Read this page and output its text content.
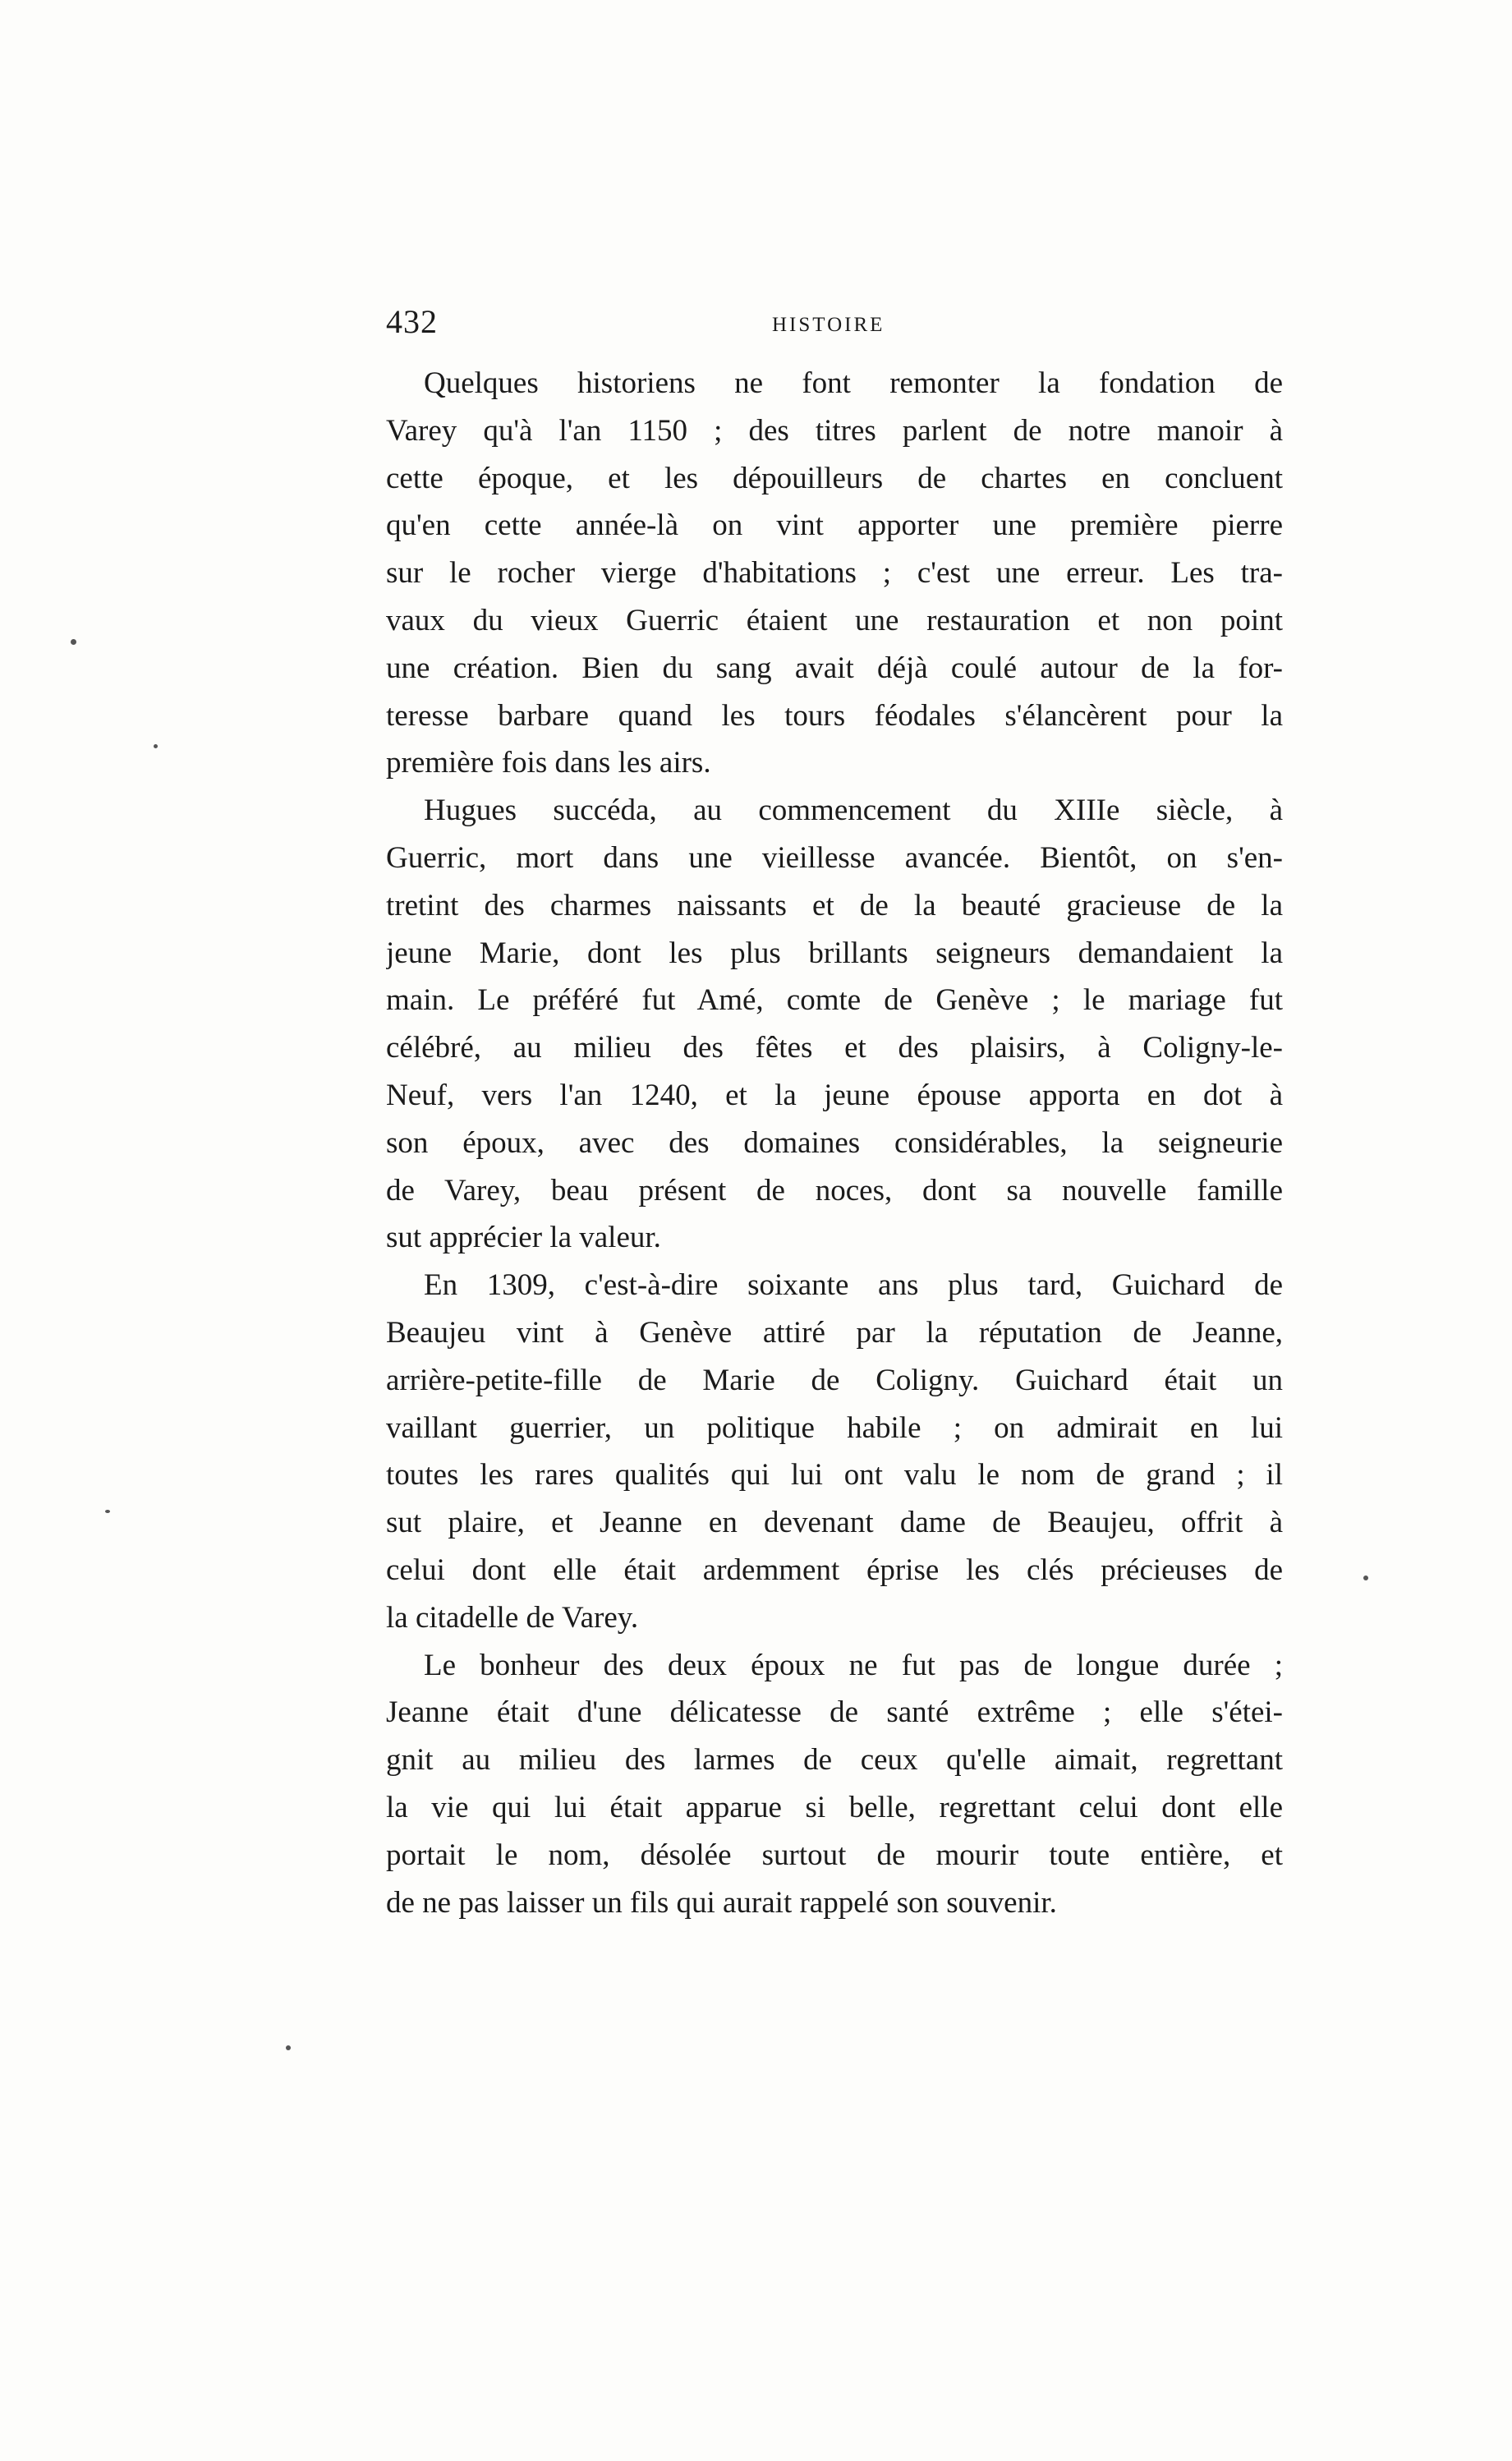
432	HISTOIRE
Quelques historiens ne font remonter la fondation de
Varey qu'à l'an 1150 ; des titres parlent de notre manoir à
cette époque, et les dépouilleurs de chartes en concluent
qu'en cette année-là on vint apporter une première pierre
sur le rocher vierge d'habitations ; c'est une erreur. Les tra-
vaux du vieux Guerric étaient une restauration et non point
une création. Bien du sang avait déjà coulé autour de la for-
teresse barbare quand les tours féodales s'élancèrent pour la
première fois dans les airs.
Hugues succéda, au commencement du XIIIe siècle, à
Guerric, mort dans une vieillesse avancée. Bientôt, on s'en-
tretint des charmes naissants et de la beauté gracieuse de la
jeune Marie, dont les plus brillants seigneurs demandaient la
main. Le préféré fut Amé, comte de Genève ; le mariage fut
célébré, au milieu des fêtes et des plaisirs, à Coligny-le-
Neuf, vers l'an 1240, et la jeune épouse apporta en dot à
son époux, avec des domaines considérables, la seigneurie
de Varey, beau présent de noces, dont sa nouvelle famille
sut apprécier la valeur.
En 1309, c'est-à-dire soixante ans plus tard, Guichard de
Beaujeu vint à Genève attiré par la réputation de Jeanne,
arrière-petite-fille de Marie de Coligny. Guichard était un
vaillant guerrier, un politique habile ; on admirait en lui
toutes les rares qualités qui lui ont valu le nom de grand ; il
sut plaire, et Jeanne en devenant dame de Beaujeu, offrit à
celui dont elle était ardemment éprise les clés précieuses de
la citadelle de Varey.
Le bonheur des deux époux ne fut pas de longue durée ;
Jeanne était d'une délicatesse de santé extrême ; elle s'étei-
gnit au milieu des larmes de ceux qu'elle aimait, regrettant
la vie qui lui était apparue si belle, regrettant celui dont elle
portait le nom, désolée surtout de mourir toute entière, et
de ne pas laisser un fils qui aurait rappelé son souvenir.
